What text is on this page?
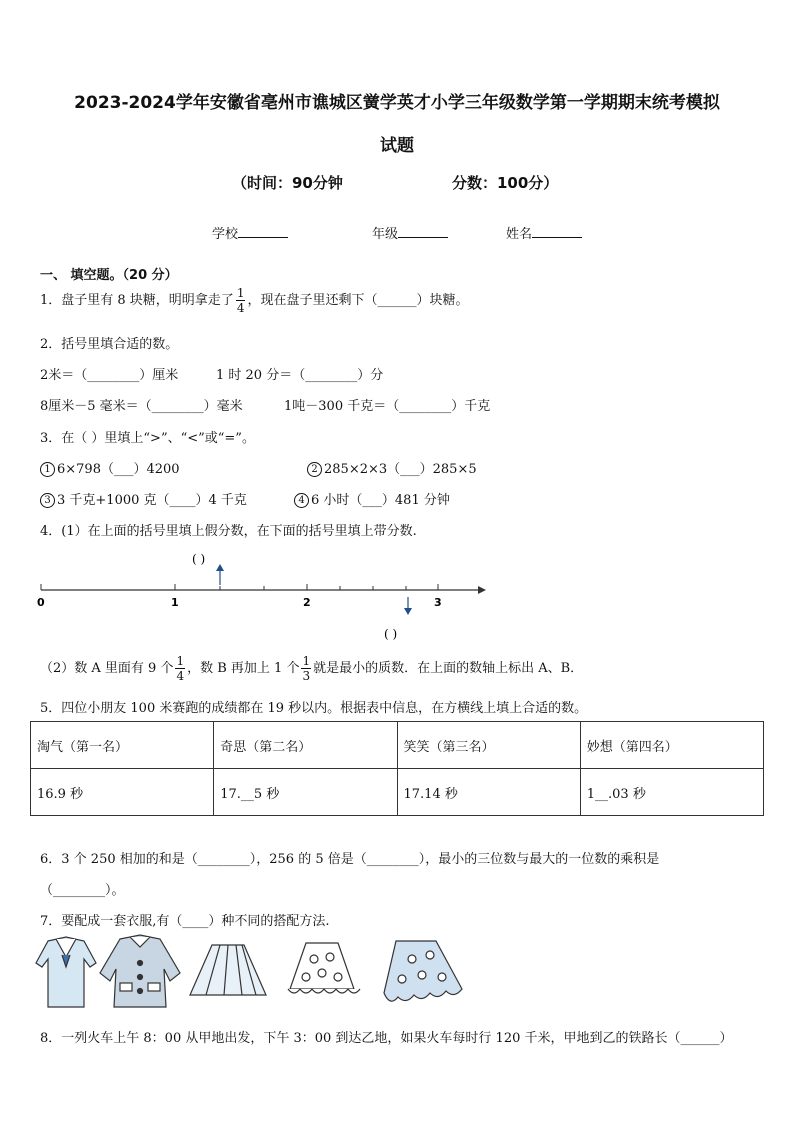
2023-2024学年安徽省亳州市谯城区黉学英才小学三年级数学第一学期期末统考模拟
试题
（时间：90分钟	分数：100分）
学校	年级	姓名
一、 填空题。（20 分）
1．盘子里有 8 块糖，明明拿走了 $\frac{1}{4}$ ，现在盘子里还剩下（______）块糖。
2．括号里填合适的数。
2米＝（________）厘米	1 时 20 分＝（________）分
8厘米－5 毫米＝（________）毫米	1吨－300 千克＝（________）千克
3．在（ ）里填上“>”、“<”或“=”。
1 6×798（___）4200	2 285×2×3（___）285×5
3 3 千克+1000 克（____）4 千克	4 6 小时（___）481 分钟
4．(1）在上面的括号里填上假分数，在下面的括号里填上带分数.
( )
0	1	2	3
( )
（2）数 A 里面有 9 个 $\frac{1}{4}$ ，数 B 再加上 1 个 $\frac{1}{3}$ 就是最小的质数．在上面的数轴上标出 A、B．
5．四位小朋友 100 米赛跑的成绩都在 19 秒以内。根据表中信息，在方横线上填上合适的数。
淘气（第一名）	奇思（第二名）	笑笑（第三名）	妙想（第四名）
16.9 秒	17.__5 秒	17.14 秒	1__.03 秒
6．3 个 250 相加的和是（________），256 的 5 倍是（________），最小的三位数与最大的一位数的乘积是
（________）。
7．要配成一套衣服,有（____）种不同的搭配方法.
8．一列火车上午 8：00 从甲地出发，下午 3：00 到达乙地，如果火车每时行 120 千米，甲地到乙的铁路长（______）
